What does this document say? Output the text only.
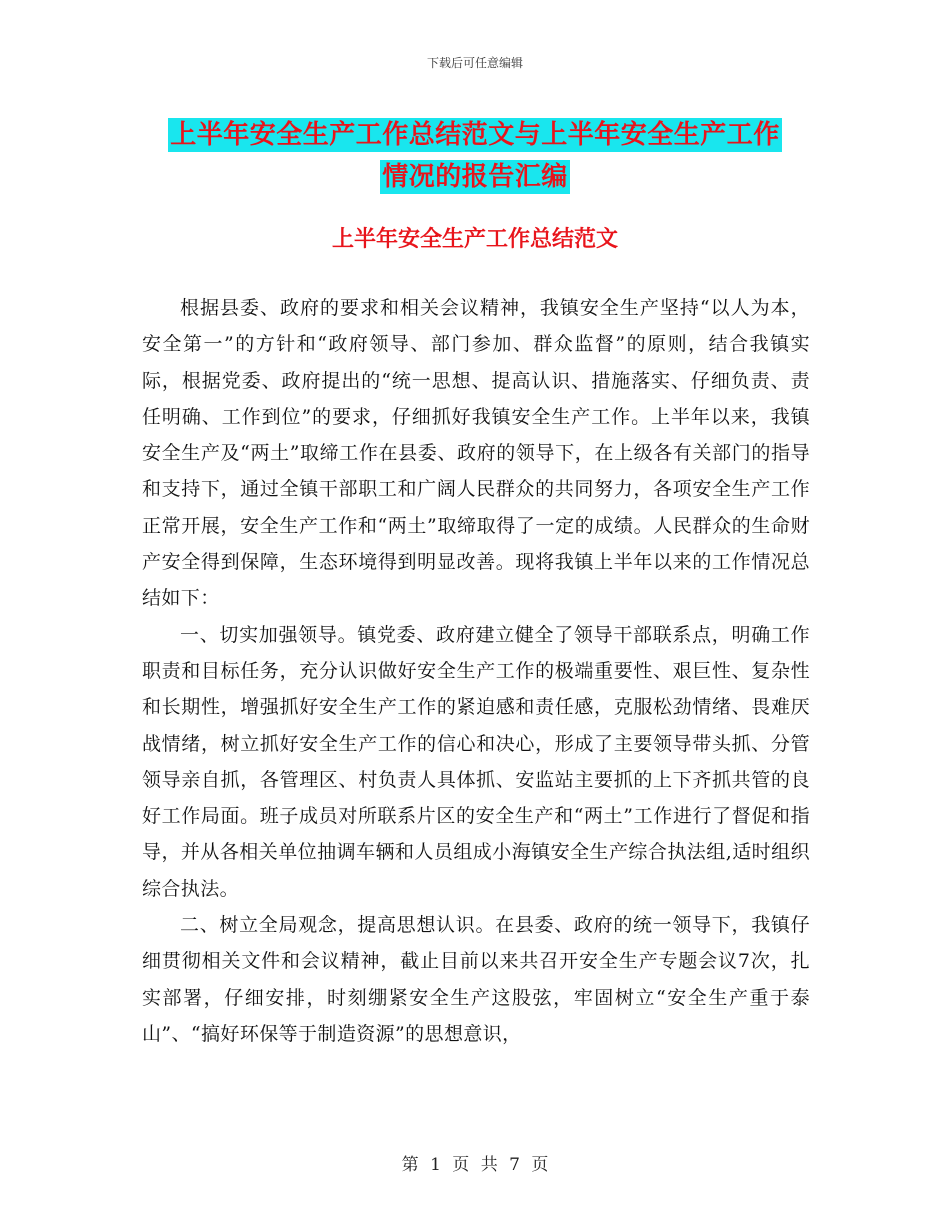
下载后可任意编辑
上半年安全生产工作总结范文与上半年安全生产工作
情况的报告汇编
上半年安全生产工作总结范文

根据县委、政府的要求和相关会议精神，我镇安全生产坚持“以人为本，安全第一”的方针和“政府领导、部门参加、群众监督”的原则，结合我镇实际，根据党委、政府提出的“统一思想、提高认识、措施落实、仔细负责、责任明确、工作到位”的要求，仔细抓好我镇安全生产工作。上半年以来，我镇安全生产及“两土”取缔工作在县委、政府的领导下，在上级各有关部门的指导和支持下，通过全镇干部职工和广阔人民群众的共同努力，各项安全生产工作正常开展，安全生产工作和“两土”取缔取得了一定的成绩。人民群众的生命财产安全得到保障，生态环境得到明显改善。现将我镇上半年以来的工作情况总结如下：

一、切实加强领导。镇党委、政府建立健全了领导干部联系点，明确工作职责和目标任务，充分认识做好安全生产工作的极端重要性、艰巨性、复杂性和长期性，增强抓好安全生产工作的紧迫感和责任感，克服松劲情绪、畏难厌战情绪，树立抓好安全生产工作的信心和决心，形成了主要领导带头抓、分管领导亲自抓，各管理区、村负责人具体抓、安监站主要抓的上下齐抓共管的良好工作局面。班子成员对所联系片区的安全生产和“两土”工作进行了督促和指导，并从各相关单位抽调车辆和人员组成小海镇安全生产综合执法组,适时组织综合执法。

二、树立全局观念，提高思想认识。在县委、政府的统一领导下，我镇仔细贯彻相关文件和会议精神，截止目前以来共召开安全生产专题会议7次，扎实部署，仔细安排，时刻绷紧安全生产这股弦，牢固树立“安全生产重于泰山”、“搞好环保等于制造资源”的思想意识，

第 1 页 共 7 页
